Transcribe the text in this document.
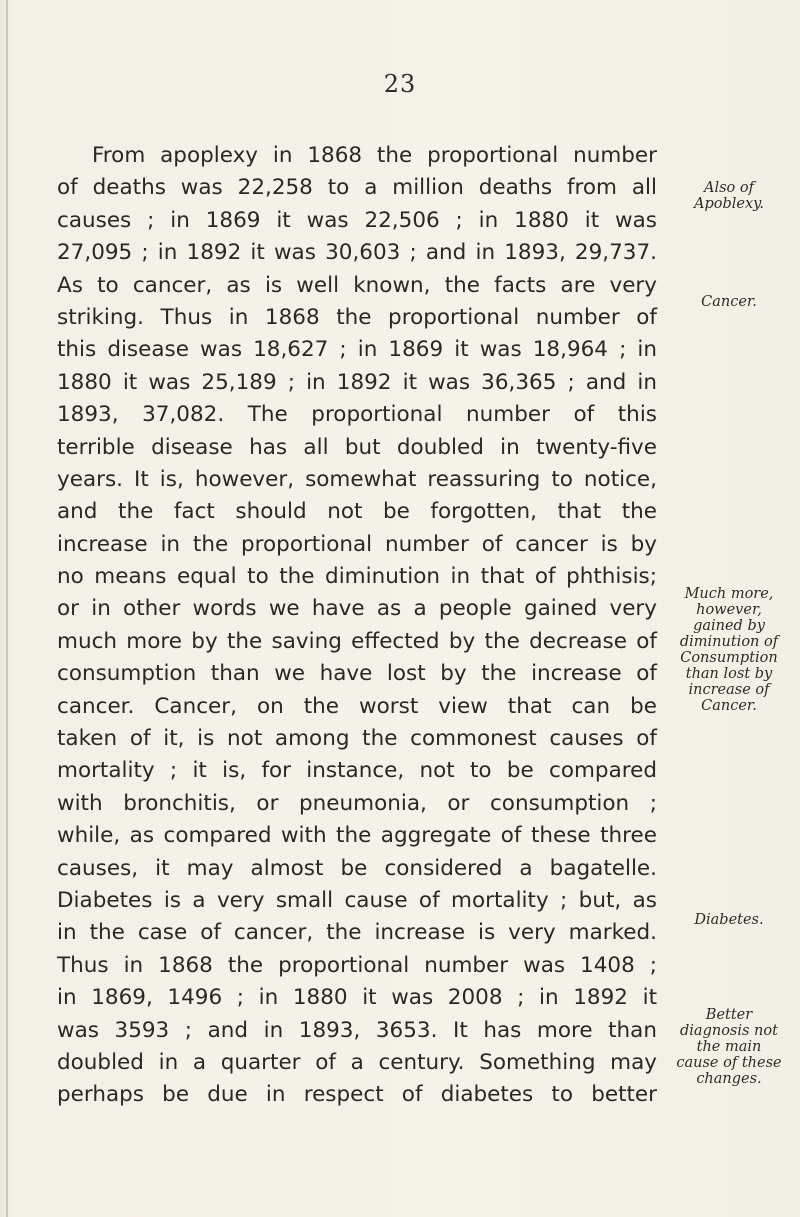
23
From apoplexy in 1868 the proportional number
of deaths was 22,258 to a million deaths from all
causes ; in 1869 it was 22,506 ; in 1880 it was
27,095 ; in 1892 it was 30,603 ; and in 1893, 29,737.
As to cancer, as is well known, the facts are very
striking. Thus in 1868 the proportional number of
this disease was 18,627 ; in 1869 it was 18,964 ; in
1880 it was 25,189 ; in 1892 it was 36,365 ; and in
1893, 37,082. The proportional number of this
terrible disease has all but doubled in twenty-five
years. It is, however, somewhat reassuring to notice,
and the fact should not be forgotten, that the
increase in the proportional number of cancer is by
no means equal to the diminution in that of phthisis;
or in other words we have as a people gained very
much more by the saving effected by the decrease of
consumption than we have lost by the increase of
cancer. Cancer, on the worst view that can be
taken of it, is not among the commonest causes of
mortality ; it is, for instance, not to be compared
with bronchitis, or pneumonia, or consumption ;
while, as compared with the aggregate of these three
causes, it may almost be considered a bagatelle.
Diabetes is a very small cause of mortality ; but, as
in the case of cancer, the increase is very marked.
Thus in 1868 the proportional number was 1408 ;
in 1869, 1496 ; in 1880 it was 2008 ; in 1892 it
was 3593 ; and in 1893, 3653. It has more than
doubled in a quarter of a century. Something may
perhaps be due in respect of diabetes to better
Also of
Apoblexy.
Cancer.
Much more,
however,
gained by
diminution of
Consumption
than lost by
increase of
Cancer.
Diabetes.
Better
diagnosis not
the main
cause of these
changes.
